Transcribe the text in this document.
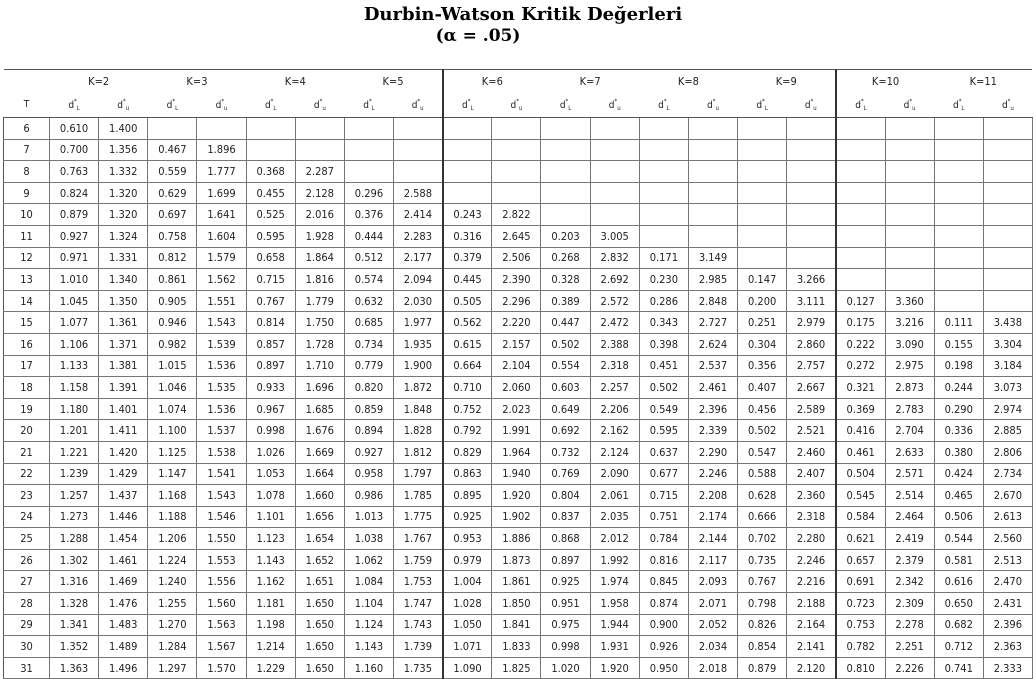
Durbin-Watson Kritik Değerleri
(α = .05)
	K=2		K=3		K=4		K=5		K=6		K=7		K=8		K=9		K=10		K=11	
T	$d^*_L$	$d^*_u$	$d^*_L$	$d^*_u$	$d^*_L$	$d^*_u$	$d^*_L$	$d^*_u$	$d^*_L$	$d^*_u$	$d^*_L$	$d^*_u$	$d^*_L$	$d^*_u$	$d^*_L$	$d^*_u$	$d^*_L$	$d^*_u$	$d^*_L$	$d^*_u$
6	0.610	1.400																		
7	0.700	1.356	0.467	1.896																
8	0.763	1.332	0.559	1.777	0.368	2.287														
9	0.824	1.320	0.629	1.699	0.455	2.128	0.296	2.588												
10	0.879	1.320	0.697	1.641	0.525	2.016	0.376	2.414	0.243	2.822										
11	0.927	1.324	0.758	1.604	0.595	1.928	0.444	2.283	0.316	2.645	0.203	3.005								
12	0.971	1.331	0.812	1.579	0.658	1.864	0.512	2.177	0.379	2.506	0.268	2.832	0.171	3.149						
13	1.010	1.340	0.861	1.562	0.715	1.816	0.574	2.094	0.445	2.390	0.328	2.692	0.230	2.985	0.147	3.266				
14	1.045	1.350	0.905	1.551	0.767	1.779	0.632	2.030	0.505	2.296	0.389	2.572	0.286	2.848	0.200	3.111	0.127	3.360		
15	1.077	1.361	0.946	1.543	0.814	1.750	0.685	1.977	0.562	2.220	0.447	2.472	0.343	2.727	0.251	2.979	0.175	3.216	0.111	3.438
16	1.106	1.371	0.982	1.539	0.857	1.728	0.734	1.935	0.615	2.157	0.502	2.388	0.398	2.624	0.304	2.860	0.222	3.090	0.155	3.304
17	1.133	1.381	1.015	1.536	0.897	1.710	0.779	1.900	0.664	2.104	0.554	2.318	0.451	2.537	0.356	2.757	0.272	2.975	0.198	3.184
18	1.158	1.391	1.046	1.535	0.933	1.696	0.820	1.872	0.710	2.060	0.603	2.257	0.502	2.461	0.407	2.667	0.321	2.873	0.244	3.073
19	1.180	1.401	1.074	1.536	0.967	1.685	0.859	1.848	0.752	2.023	0.649	2.206	0.549	2.396	0.456	2.589	0.369	2.783	0.290	2.974
20	1.201	1.411	1.100	1.537	0.998	1.676	0.894	1.828	0.792	1.991	0.692	2.162	0.595	2.339	0.502	2.521	0.416	2.704	0.336	2.885
21	1.221	1.420	1.125	1.538	1.026	1.669	0.927	1.812	0.829	1.964	0.732	2.124	0.637	2.290	0.547	2.460	0.461	2.633	0.380	2.806
22	1.239	1.429	1.147	1.541	1.053	1.664	0.958	1.797	0.863	1.940	0.769	2.090	0.677	2.246	0.588	2.407	0.504	2.571	0.424	2.734
23	1.257	1.437	1.168	1.543	1.078	1.660	0.986	1.785	0.895	1.920	0.804	2.061	0.715	2.208	0.628	2.360	0.545	2.514	0.465	2.670
24	1.273	1.446	1.188	1.546	1.101	1.656	1.013	1.775	0.925	1.902	0.837	2.035	0.751	2.174	0.666	2.318	0.584	2.464	0.506	2.613
25	1.288	1.454	1.206	1.550	1.123	1.654	1.038	1.767	0.953	1.886	0.868	2.012	0.784	2.144	0.702	2.280	0.621	2.419	0.544	2.560
26	1.302	1.461	1.224	1.553	1.143	1.652	1.062	1.759	0.979	1.873	0.897	1.992	0.816	2.117	0.735	2.246	0.657	2.379	0.581	2.513
27	1.316	1.469	1.240	1.556	1.162	1.651	1.084	1.753	1.004	1.861	0.925	1.974	0.845	2.093	0.767	2.216	0.691	2.342	0.616	2.470
28	1.328	1.476	1.255	1.560	1.181	1.650	1.104	1.747	1.028	1.850	0.951	1.958	0.874	2.071	0.798	2.188	0.723	2.309	0.650	2.431
29	1.341	1.483	1.270	1.563	1.198	1.650	1.124	1.743	1.050	1.841	0.975	1.944	0.900	2.052	0.826	2.164	0.753	2.278	0.682	2.396
30	1.352	1.489	1.284	1.567	1.214	1.650	1.143	1.739	1.071	1.833	0.998	1.931	0.926	2.034	0.854	2.141	0.782	2.251	0.712	2.363
31	1.363	1.496	1.297	1.570	1.229	1.650	1.160	1.735	1.090	1.825	1.020	1.920	0.950	2.018	0.879	2.120	0.810	2.226	0.741	2.333
